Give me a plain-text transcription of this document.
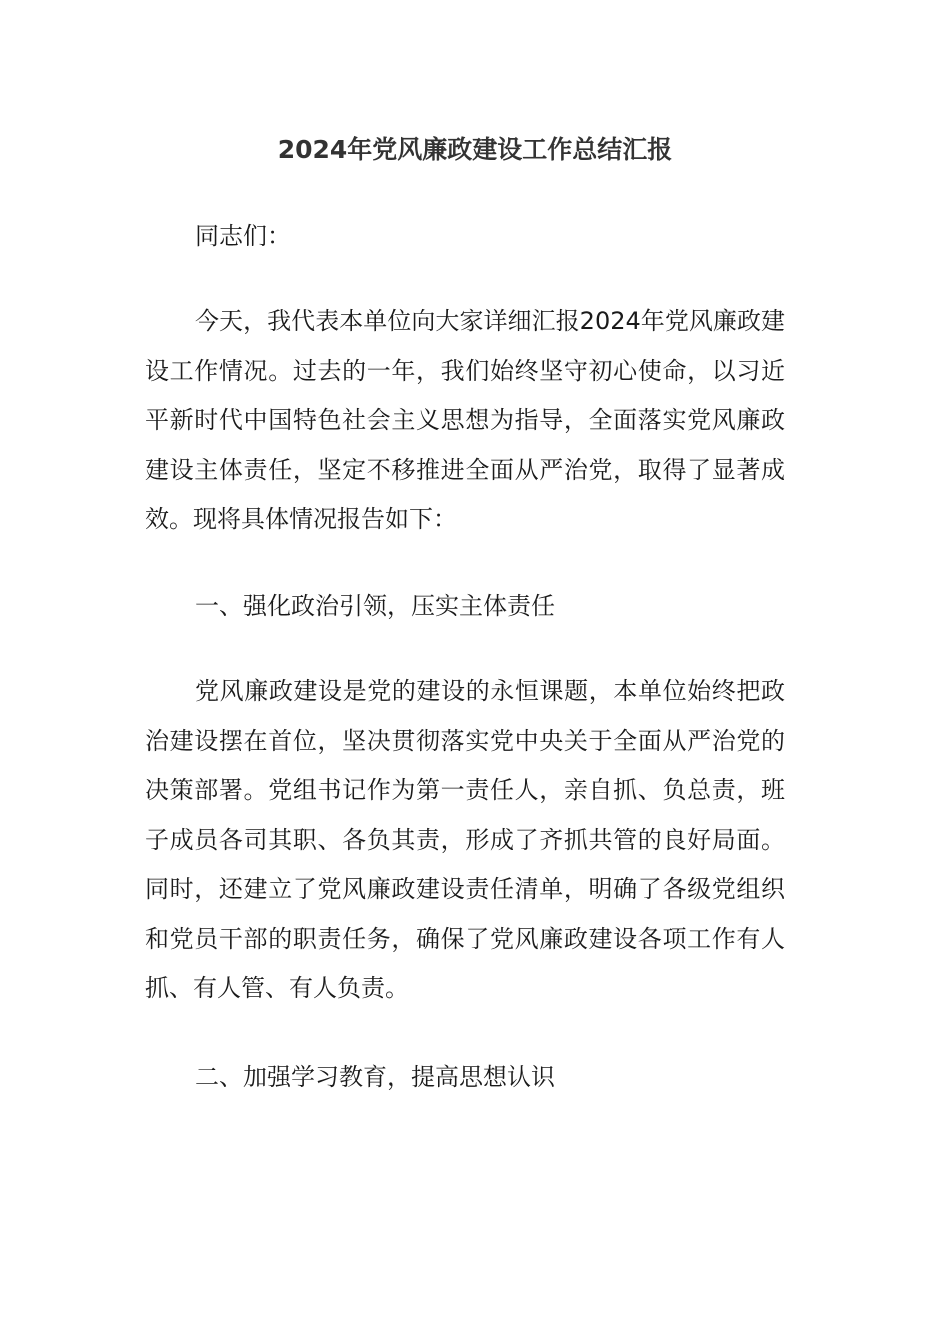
2024年党风廉政建设工作总结汇报

同志们：

今天，我代表本单位向大家详细汇报2024年党风廉政建设工作情况。过去的一年，我们始终坚守初心使命，以习近平新时代中国特色社会主义思想为指导，全面落实党风廉政建设主体责任，坚定不移推进全面从严治党，取得了显著成效。现将具体情况报告如下：

一、强化政治引领，压实主体责任

党风廉政建设是党的建设的永恒课题，本单位始终把政治建设摆在首位，坚决贯彻落实党中央关于全面从严治党的决策部署。党组书记作为第一责任人，亲自抓、负总责，班子成员各司其职、各负其责，形成了齐抓共管的良好局面。同时，还建立了党风廉政建设责任清单，明确了各级党组织和党员干部的职责任务，确保了党风廉政建设各项工作有人抓、有人管、有人负责。

二、加强学习教育，提高思想认识
